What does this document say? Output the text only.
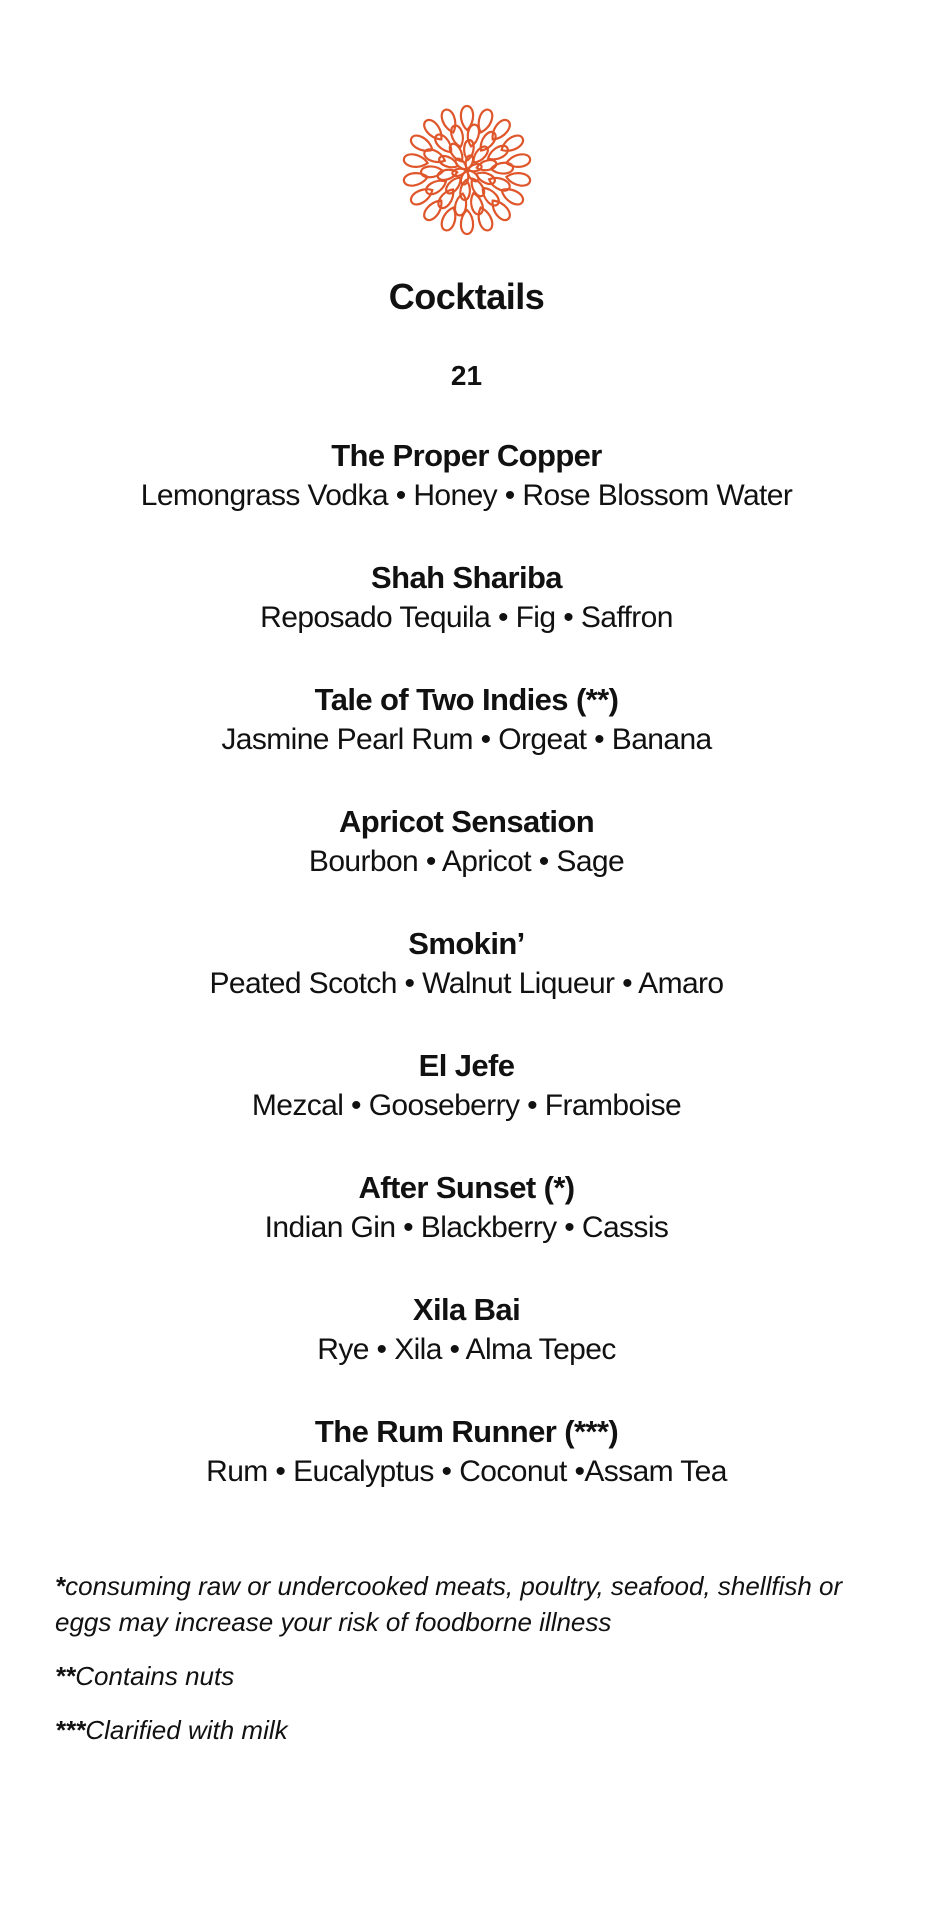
Cocktails
21
The Proper Copper
Lemongrass Vodka • Honey • Rose Blossom Water
Shah Shariba
Reposado Tequila • Fig • Saffron
Tale of Two Indies (**)
Jasmine Pearl Rum • Orgeat • Banana
Apricot Sensation
Bourbon • Apricot • Sage
Smokin’
Peated Scotch • Walnut Liqueur • Amaro
El Jefe
Mezcal • Gooseberry • Framboise
After Sunset (*)
Indian Gin • Blackberry • Cassis
Xila Bai
Rye • Xila • Alma Tepec
The Rum Runner (***)
Rum • Eucalyptus • Coconut •Assam Tea

*consuming raw or undercooked meats, poultry, seafood, shellfish or eggs may increase your risk of foodborne illness

**Contains nuts

***Clarified with milk
